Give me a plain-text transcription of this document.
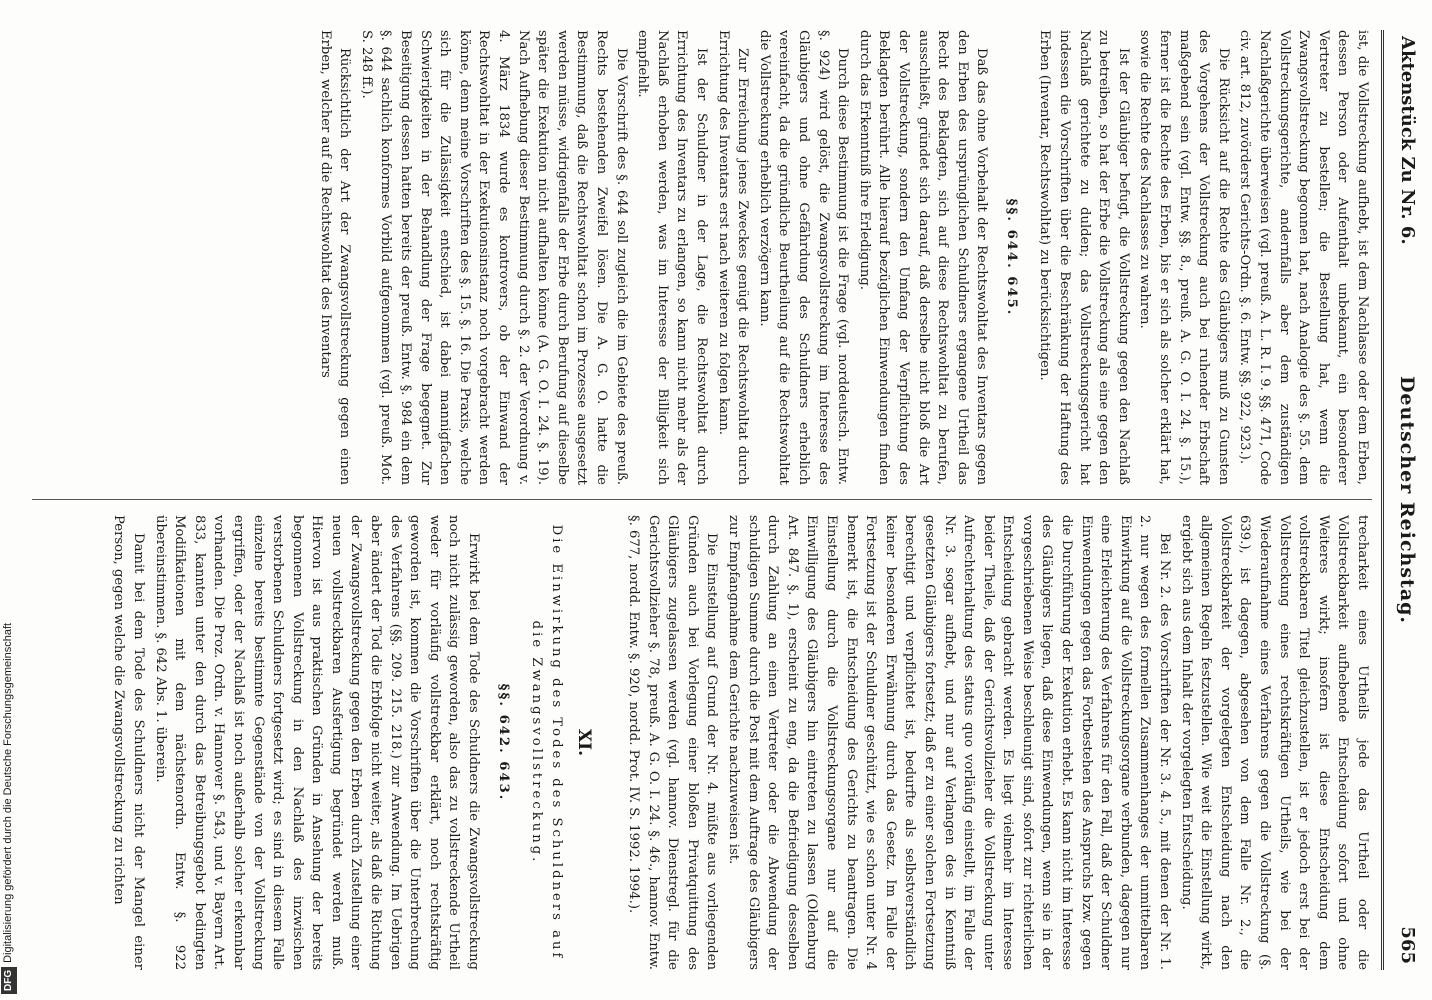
Aktenstück Zu Nr. 6.
Deutscher Reichstag.
565

ist, die Vollstreckung aufhebt, ist dem Nachlasse oder dem Erben, dessen Person oder Aufenthalt unbekannt, ein besonderer Vertreter zu bestellen; die Bestellung hat, wenn die Zwangsvollstreckung begonnen hat, nach Analogie des §. 55. dem Vollstreckungsgerichte, andernfalls aber dem zuständigen Nachlaßgerichte überweisen (vgl. preuß. A. L. R. I. 9. §§. 471, Code civ. art. 812, zuvörderst Gerichts-Ordn. §. 6. Entw. §§. 922, 923.).

Die Rücksicht auf die Rechte des Gläubigers muß zu Gunsten des Vorgehens der Vollstreckung auch bei ruhender Erbschaft maßgebend sein (vgl. Entw. §§. 8., preuß. A. G. O. I. 24. §. 15.), ferner ist die Rechte des Erben, bis er sich als solcher erklärt hat, sowie die Rechte des Nachlasses zu wahren.

Ist der Gläubiger befugt, die Vollstreckung gegen den Nachlaß zu betreiben, so hat der Erbe die Vollstreckung als eine gegen den Nachlaß gerichtete zu dulden; das Vollstreckungsgericht hat indessen die Vorschriften über die Beschränkung der Haftung des Erben (Inventar, Rechtswohltat) zu berücksichtigen.

§§. 644. 645.

Daß das ohne Vorbehalt der Rechtswohltat des Inventars gegen den Erben des ursprünglichen Schuldners ergangene Urtheil das Recht des Beklagten, sich auf diese Rechtswohltat zu berufen, ausschließt, gründet sich darauf, daß derselbe nicht bloß die Art der Vollstreckung, sondern den Umfang der Verpflichtung des Beklagten berührt. Alle hierauf bezüglichen Einwendungen finden durch das Erkenntniß ihre Erledigung.

Durch diese Bestimmung ist die Frage (vgl. norddeutsch. Entw. §. 924) wird gelöst, die Zwangsvollstreckung im Interesse des Gläubigers und ohne Gefährdung des Schuldners erheblich vereinfacht, da die gründliche Beurtheilung auf die Rechtswohltat die Vollstreckung erheblich verzögern kann.

Zur Erreichung jenes Zweckes genügt die Rechtswohltat durch Errichtung des Inventars erst nach weiteren zu folgen kann.

Ist der Schuldner in der Lage, die Rechtswohltat durch Errichtung des Inventars zu erlangen, so kann nicht mehr als der Nachlaß erhoben werden, was im Interesse der Billigkeit sich empfiehlt.

Die Vorschrift des §. 644 soll zugleich die im Gebiete des preuß. Rechts bestehenden Zweifel lösen. Die A. G. O. hatte die Bestimmung, daß die Rechtswohltat schon im Prozesse ausgesetzt werden müsse, widrigenfalls der Erbe durch Berufung auf dieselbe später die Exekution nicht aufhalten könne (A. G. O. I. 24. §. 19). Nach Aufhebung dieser Bestimmung durch §. 2. der Verordnung v. 4. März 1834 wurde es kontrovers, ob der Einwand der Rechtswohltat in der Exekutionsinstanz noch vorgebracht werden könne, denn meine Vorschriften des §. 15. §. 16. Die Praxis, welche sich für die Zulässigkeit entschied, ist dabei mannigfachen Schwierigkeiten in der Behandlung der Frage begegnet. Zur Beseitigung dessen hatten bereits der preuß. Entw. §. 984 ein dem §. 644 sachlich konformes Vorbild aufgenommen (vgl. preuß. Mot. S. 248 ff.).

Rücksichtlich der Art der Zwangsvollstreckung gegen einen Erben, welcher auf die Rechtswohltat des Inventars

trecharkeit eines Urtheils jede das Urtheil oder die Vollstreckbarkeit aufhebende Entscheidung sofort und ohne Weiteres wirkt; insofern ist diese Entscheidung dem vollstreckbaren Titel gleichzustellen, ist er jedoch erst bei der Vollstreckung eines rechtskräftigen Urtheils, wie bei der Wiederaufnahme eines Verfahrens gegen die Vollstreckung (§. 639.), ist dagegen, abgesehen von dem Falle Nr. 2., die Vollstreckbarkeit der vorgelegten Entscheidung nach den allgemeinen Regeln festzustellen. Wie weit die Einstellung wirkt, ergiebt sich aus dem Inhalt der vorgelegten Entscheidung.

Bei Nr. 2. des Vorschriften der Nr. 3. 4. 5., mit denen der Nr. 1. 2. nur wegen des formellen Zusammenhanges der unmittelbaren Einwirkung auf die Vollstreckungsorgane verbunden, dagegen nur eine Erleichterung des Verfahrens für den Fall, daß der Schuldner Einwendungen gegen das Fortbestehen des Anspruchs bzw. gegen die Durchführung der Exekution erhebt. Es kann nicht im Interesse des Gläubigers liegen, daß diese Einwendungen, wenn sie in der vorgeschriebenen Weise beschleunigt sind, sofort zur richterlichen Entscheidung gebracht werden. Es liegt vielmehr im Interesse beider Theile, daß der Gerichtsvollzieher die Vollstreckung unter Aufrechterhaltung des status quo vorläufig einstellt, im Falle der Nr. 3. sogar aufhebt, und nur auf Verlangen des in Kenntniß gesetzten Gläubigers fortsetzt; daß er zu einer solchen Fortsetzung berechtigt und verpflichtet ist, bedurfte als selbstverständlich keiner besonderen Erwähnung durch das Gesetz. Im Falle der Fortsetzung ist der Schuldner geschützt, wie es schon unter Nr. 4 bemerkt ist, die Entscheidung des Gerichts zu beantragen. Die Einstellung durch die Vollstreckungsorgane nur auf die Einwilligung des Gläubigers hin eintreten zu lassen (Oldenburg Art. 847. §. 1), erscheint zu eng, da die Befriedigung desselben durch Zahlung an einen Vertreter oder die Abwendung der schuldigen Summe durch die Post mit dem Auftrage des Gläubigers zur Empfangnahme dem Gerichte nachzuweisen ist.

Die Einstellung auf Grund der Nr. 4. müßte aus vorliegenden Gründen auch bei Vorlegung einer bloßen Privatquittung des Gläubigers zugelassen werden (vgl. hannov. Dienstregl. für die Gerichtsvollzieher §. 78, preuß. A. G. O. I. 24. §. 46., hannov. Entw. §. 677, nordd. Entw. §. 920, nordd. Prot. IV. S. 1992. 1994.).

XI.

Die Einwirkung des Todes des Schuldners auf die Zwangsvollstreckung.

§§. 642. 643.

Erwirkt bei dem Tode des Schuldners die Zwangsvollstreckung noch nicht zulässig geworden, also das zu vollstreckende Urtheil weder für vorläufig vollstreckbar erklärt, noch rechtskräftig geworden ist, kommen die Vorschriften über die Unterbrechung des Verfahrens (§§. 209. 215. 218.) zur Anwendung. Im Uebrigen aber ändert der Tod die Erbfolge nicht weiter, als daß die Richtung der Zwangsvollstreckung gegen den Erben durch Zustellung einer neuen vollstreckbaren Ausfertigung begründet werden muß. Hiervon ist aus praktischen Gründen in Ansehung der bereits begonnenen Vollstreckung in den Nachlaß des inzwischen verstorbenen Schuldners fortgesetzt wird; es sind in diesem Falle einzelne bereits bestimmte Gegenstände von der Vollstreckung ergriffen, oder der Nachlaß ist noch außerhalb solcher erkennbar vorhanden. Die Proz. Ordn. v. Hannover §. 543, und v. Bayern Art. 833, kannten unter den durch das Betreibungsgebot bedingten Modifikationen mit dem nächstenordn. Entw. §. 922 übereinstimmen. §. 642 Abs. 1. überein.

Damit bei dem Tode des Schuldners nicht der Mangel einer Person, gegen welche die Zwangsvollstreckung zu richten

DFGDigitalisierung gefördert durch die Deutsche Forschungsgemeinschaft
